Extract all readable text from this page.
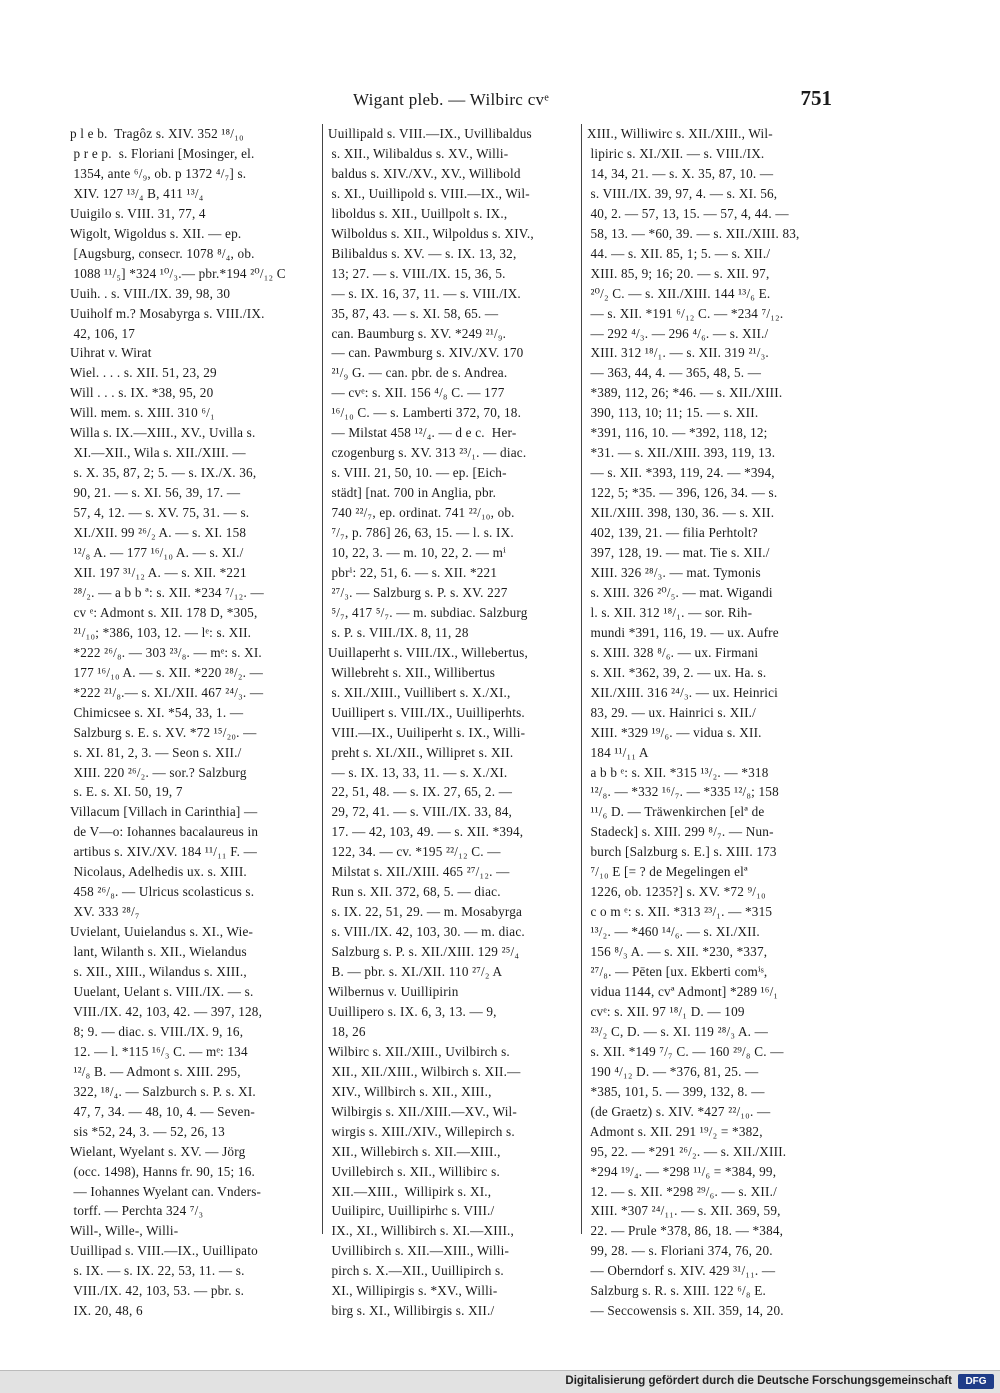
Wigant pleb. — Wilbirc cvᵉ	751
p l e b.  Tragôz s. XIV. 352 ¹⁸/₁₀
p r e p.  s. Floriani [Mosinger, el.
1354, ante ⁶/₉, ob. p 1372 ⁴/₇] s.
XIV. 127 ¹³/₄ B, 411 ¹³/₄
Uuigilo s. VIII. 31, 77, 4
Wigolt, Wigoldus s. XII. — ep.
[Augsburg, consecr. 1078 ⁸/₄, ob.
1088 ¹¹/₅] *324 ¹⁰/₃.— pbr.*194 ²⁰/₁₂ C
Uuih. . s. VIII./IX. 39, 98, 30
Uuiholf m.? Mosabyrga s. VIII./IX.
42, 106, 17
Uihrat v. Wirat
Wiel. . . . s. XII. 51, 23, 29
Will . . . s. IX. *38, 95, 20
Will. mem. s. XIII. 310 ⁶/₁
Willa s. IX.—XIII., XV., Uvilla s.
XI.—XII., Wila s. XII./XIII. —
s. X. 35, 87, 2; 5. — s. IX./X. 36,
90, 21. — s. XI. 56, 39, 17. —
57, 4, 12. — s. XV. 75, 31. — s.
XI./XII. 99 ²⁶/₂ A. — s. XI. 158
¹²/₈ A. — 177 ¹⁶/₁₀ A. — s. XI./
XII. 197 ³¹/₁₂ A. — s. XII. *221
²⁸/₂. — a b b ª: s. XII. *234 ⁷/₁₂. —
cv ᵉ: Admont s. XII. 178 D, *305,
²¹/₁₀; *386, 103, 12. — lᵉ: s. XII.
*222 ²⁶/₈. — 303 ²³/₈. — mᵉ: s. XI.
177 ¹⁶/₁₀ A. — s. XII. *220 ²⁸/₂. —
*222 ²¹/₈.— s. XI./XII. 467 ²⁴/₃. —
Chimicsee s. XI. *54, 33, 1. —
Salzburg s. E. s. XV. *72 ¹⁵/₂₀. —
s. XI. 81, 2, 3. — Seon s. XII./
XIII. 220 ²⁶/₂. — sor.? Salzburg
s. E. s. XI. 50, 19, 7
Villacum [Villach in Carinthia] —
de V—o: Iohannes bacalaureus in
artibus s. XIV./XV. 184 ¹¹/₁₁ F. —
Nicolaus, Adelhedis ux. s. XIII.
458 ²⁶/₈. — Ulricus scolasticus s.
XV. 333 ²⁸/₇
Uvielant, Uuielandus s. XI., Wie-
lant, Wilanth s. XII., Wielandus
s. XII., XIII., Wilandus s. XIII.,
Uuelant, Uelant s. VIII./IX. — s.
VIII./IX. 42, 103, 42. — 397, 128,
8; 9. — diac. s. VIII./IX. 9, 16,
12. — l. *115 ¹⁶/₃ C. — mᵉ: 134
¹²/₈ B. — Admont s. XIII. 295,
322, ¹⁸/₄. — Salzburch s. P. s. XI.
47, 7, 34. — 48, 10, 4. — Seven-
sis *52, 24, 3. — 52, 26, 13
Wielant, Wyelant s. XV. — Jörg
(occ. 1498), Hanns fr. 90, 15; 16.
— Iohannes Wyelant can. Vnders-
torff. — Perchta 324 ⁷/₃
Will-, Wille-, Willi-
Uuillipad s. VIII.—IX., Uuillipato
s. IX. — s. IX. 22, 53, 11. — s.
VIII./IX. 42, 103, 53. — pbr. s.
IX. 20, 48, 6
Uuillipald s. VIII.—IX., Uvillibaldus
s. XII., Wilibaldus s. XV., Willi-
baldus s. XIV./XV., XV., Willibold
s. XI., Uuillipold s. VIII.—IX., Wil-
liboldus s. XII., Uuillpolt s. IX.,
Wilboldus s. XII., Wilpoldus s. XIV.,
Bilibaldus s. XV. — s. IX. 13, 32,
13; 27. — s. VIII./IX. 15, 36, 5.
— s. IX. 16, 37, 11. — s. VIII./IX.
35, 87, 43. — s. XI. 58, 65. —
can. Baumburg s. XV. *249 ²¹/₉.
— can. Pawmburg s. XIV./XV. 170
²¹/₉ G. — can. pbr. de s. Andrea.
— cvᵉ: s. XII. 156 ⁴/₈ C. — 177
¹⁶/₁₀ C. — s. Lamberti 372, 70, 18.
— Milstat 458 ¹²/₄. — d e c.  Her-
czogenburg s. XV. 313 ²³/₁. — diac.
s. VIII. 21, 50, 10. — ep. [Eich-
städt] [nat. 700 in Anglia, pbr.
740 ²²/₇, ep. ordinat. 741 ²²/₁₀, ob.
⁷/₇, p. 786] 26, 63, 15. — l. s. IX.
10, 22, 3. — m. 10, 22, 2. — mⁱ
pbrⁱ: 22, 51, 6. — s. XII. *221
²⁷/₃. — Salzburg s. P. s. XV. 227
⁵/₇, 417 ⁵/₇. — m. subdiac. Salzburg
s. P. s. VIII./IX. 8, 11, 28
Uuillaperht s. VIII./IX., Willebertus,
Willebreht s. XII., Willibertus
s. XII./XIII., Vuillibert s. X./XI.,
Uuillipert s. VIII./IX., Uuilliperhts.
VIII.—IX., Uuiliperht s. IX., Willi-
preht s. XI./XII., Willipret s. XII.
— s. IX. 13, 33, 11. — s. X./XI.
22, 51, 48. — s. IX. 27, 65, 2. —
29, 72, 41. — s. VIII./IX. 33, 84,
17. — 42, 103, 49. — s. XII. *394,
122, 34. — cv. *195 ²²/₁₂ C. —
Milstat s. XII./XIII. 465 ²⁷/₁₂. —
Run s. XII. 372, 68, 5. — diac.
s. IX. 22, 51, 29. — m. Mosabyrga
s. VIII./IX. 42, 103, 30. — m. diac.
Salzburg s. P. s. XII./XIII. 129 ²⁵/₄
B. — pbr. s. XI./XII. 110 ²⁷/₂ A
Wilbernus v. Uuillipirin
Uuillipero s. IX. 6, 3, 13. — 9,
18, 26
Wilbirc s. XII./XIII., Uvilbirch s.
XII., XII./XIII., Wilbirch s. XII.—
XIV., Willbirch s. XII., XIII.,
Wilbirgis s. XII./XIII.—XV., Wil-
wirgis s. XIII./XIV., Willepirch s.
XII., Willebirch s. XII.—XIII.,
Uvillebirch s. XII., Willibirc s.
XII.—XIII.,  Willipirk s. XI.,
Uuilipirc, Uuillipirhc s. VIII./
IX., XI., Willibirch s. XI.—XIII.,
Uvillibirch s. XII.—XIII., Willi-
pirch s. X.—XII., Uuillipirch s.
XI., Willipirgis s. *XV., Willi-
birg s. XI., Willibirgis s. XII./
XIII., Williwirc s. XII./XIII., Wil-
lipiric s. XI./XII. — s. VIII./IX.
14, 34, 21. — s. X. 35, 87, 10. —
s. VIII./IX. 39, 97, 4. — s. XI. 56,
40, 2. — 57, 13, 15. — 57, 4, 44. —
58, 13. — *60, 39. — s. XII./XIII. 83,
44. — s. XII. 85, 1; 5. — s. XII./
XIII. 85, 9; 16; 20. — s. XII. 97,
²⁰/₂ C. — s. XII./XIII. 144 ¹³/₆ E.
— s. XII. *191 ⁶/₁₂ C. — *234 ⁷/₁₂.
— 292 ⁴/₃. — 296 ⁴/₆. — s. XII./
XIII. 312 ¹⁸/₁. — s. XII. 319 ²¹/₃.
— 363, 44, 4. — 365, 48, 5. —
*389, 112, 26; *46. — s. XII./XIII.
390, 113, 10; 11; 15. — s. XII.
*391, 116, 10. — *392, 118, 12;
*31. — s. XII./XIII. 393, 119, 13.
— s. XII. *393, 119, 24. — *394,
122, 5; *35. — 396, 126, 34. — s.
XII./XIII. 398, 130, 36. — s. XII.
402, 139, 21. — filia Perhtolt?
397, 128, 19. — mat. Tie s. XII./
XIII. 326 ²⁸/₃. — mat. Tymonis
s. XIII. 326 ²⁰/₅. — mat. Wigandi
l. s. XII. 312 ¹⁸/₁. — sor. Rih-
mundi *391, 116, 19. — ux. Aufre
s. XIII. 328 ⁸/₆. — ux. Firmani
s. XII. *362, 39, 2. — ux. Ha. s.
XII./XIII. 316 ²⁴/₃. — ux. Heinrici
83, 29. — ux. Hainrici s. XII./
XIII. *329 ¹⁹/₆. — vidua s. XII.
184 ¹¹/₁₁ A
a b b ᵉ: s. XII. *315 ¹³/₂. — *318
¹²/₈. — *332 ¹⁶/₇. — *335 ¹²/₈; 158
¹¹/₆ D. — Träwenkirchen [elª de
Stadeck] s. XIII. 299 ⁸/₇. — Nun-
burch [Salzburg s. E.] s. XIII. 173
⁷/₁₀ E [= ? de Megelingen elª
1226, ob. 1235?] s. XV. *72 ⁹/₁₀
c o m ᵉ: s. XII. *313 ²³/₁. — *315
¹³/₂. — *460 ¹⁴/₆. — s. XI./XII.
156 ⁸/₃ A. — s. XII. *230, *337,
²⁷/₈. — Pēten [ux. Ekberti comⁱˢ,
vidua 1144, cvª Admont] *289 ¹⁶/₁
cvᵉ: s. XII. 97 ¹⁸/₁ D. — 109
²³/₂ C, D. — s. XI. 119 ²⁸/₃ A. —
s. XII. *149 ⁷/₇ C. — 160 ²⁹/₈ C. —
190 ⁴/₁₂ D. — *376, 81, 25. —
*385, 101, 5. — 399, 132, 8. —
(de Graetz) s. XIV. *427 ²²/₁₀. —
Admont s. XII. 291 ¹⁹/₂ = *382,
95, 22. — *291 ²⁶/₂. — s. XII./XIII.
*294 ¹⁹/₄. — *298 ¹¹/₆ = *384, 99,
12. — s. XII. *298 ²⁹/₆. — s. XII./
XIII. *307 ²⁴/₁₁. — s. XII. 369, 59,
22. — Prule *378, 86, 18. — *384,
99, 28. — s. Floriani 374, 76, 20.
— Oberndorf s. XIV. 429 ³¹/₁₁. —
Salzburg s. R. s. XIII. 122 ⁶/₈ E.
— Seccowensis s. XII. 359, 14, 20.
Digitalisierung gefördert durch die Deutsche Forschungsgemeinschaft	DFG
